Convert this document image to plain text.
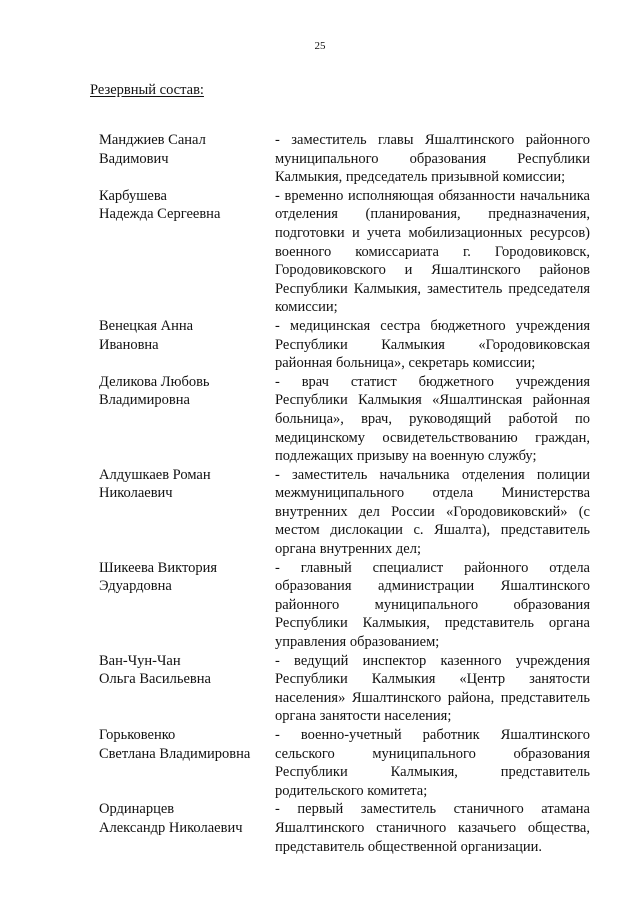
25
Резервный состав:
Манджиев Санал
Вадимович
- заместитель главы Яшалтинского районного муниципального образования Республики Калмыкия, председатель призывной комиссии;
Карбушева
Надежда Сергеевна
- временно исполняющая обязанности начальника отделения (планирования, предназначения, подготовки и учета мобилизационных ресурсов) военного комиссариата г. Городовиковск, Городовиковского и Яшалтинского районов Республики Калмыкия, заместитель председателя комиссии;
Венецкая Анна
Ивановна
- медицинская сестра бюджетного учреждения Республики Калмыкия «Городовиковская районная больница», секретарь комиссии;
Деликова Любовь
Владимировна
- врач статист бюджетного учреждения Республики Калмыкия «Яшалтинская районная больница», врач, руководящий работой по медицинскому освидетельствованию граждан, подлежащих призыву на военную службу;
Алдушкаев Роман
Николаевич
- заместитель начальника отделения полиции межмуниципального отдела Министерства внутренних дел России «Городовиковский» (с местом дислокации с. Яшалта), представитель органа внутренних дел;
Шикеева Виктория
Эдуардовна
- главный специалист районного отдела образования администрации Яшалтинского районного муниципального образования Республики Калмыкия, представитель органа управления образованием;
Ван-Чун-Чан
Ольга Васильевна
- ведущий инспектор казенного учреждения Республики Калмыкия «Центр занятости населения» Яшалтинского района, представитель органа занятости населения;
Горьковенко
Светлана Владимировна
- военно-учетный работник Яшалтинского сельского муниципального образования Республики Калмыкия, представитель родительского комитета;
Ординарцев
Александр Николаевич
- первый заместитель станичного атамана Яшалтинского станичного казачьего общества, представитель общественной организации.
